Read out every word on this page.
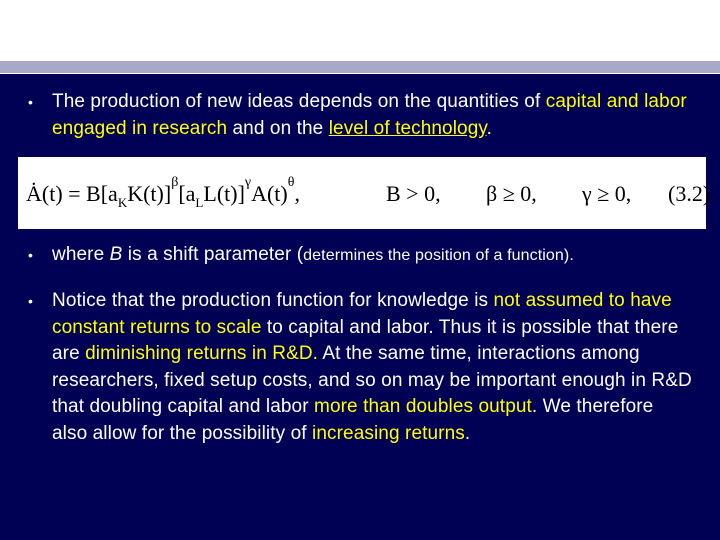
•	The production of new ideas depends on the quantities of capital and labor engaged in research and on the level of technology.
Ȧ(t) = $B[a_KK(t)]^\beta[a_LL(t)]^\gamma A(t)^\theta$,	B > 0, β ≥ 0, γ ≥ 0, (3.2)
•	where B is a shift parameter (determines the position of a function).
•	Notice that the production function for knowledge is not assumed to have constant returns to scale to capital and labor. Thus it is possible that there are diminishing returns in R&D. At the same time, interactions among researchers, fixed setup costs, and so on may be important enough in R&D that doubling capital and labor more than doubles output. We therefore also allow for the possibility of increasing returns.
